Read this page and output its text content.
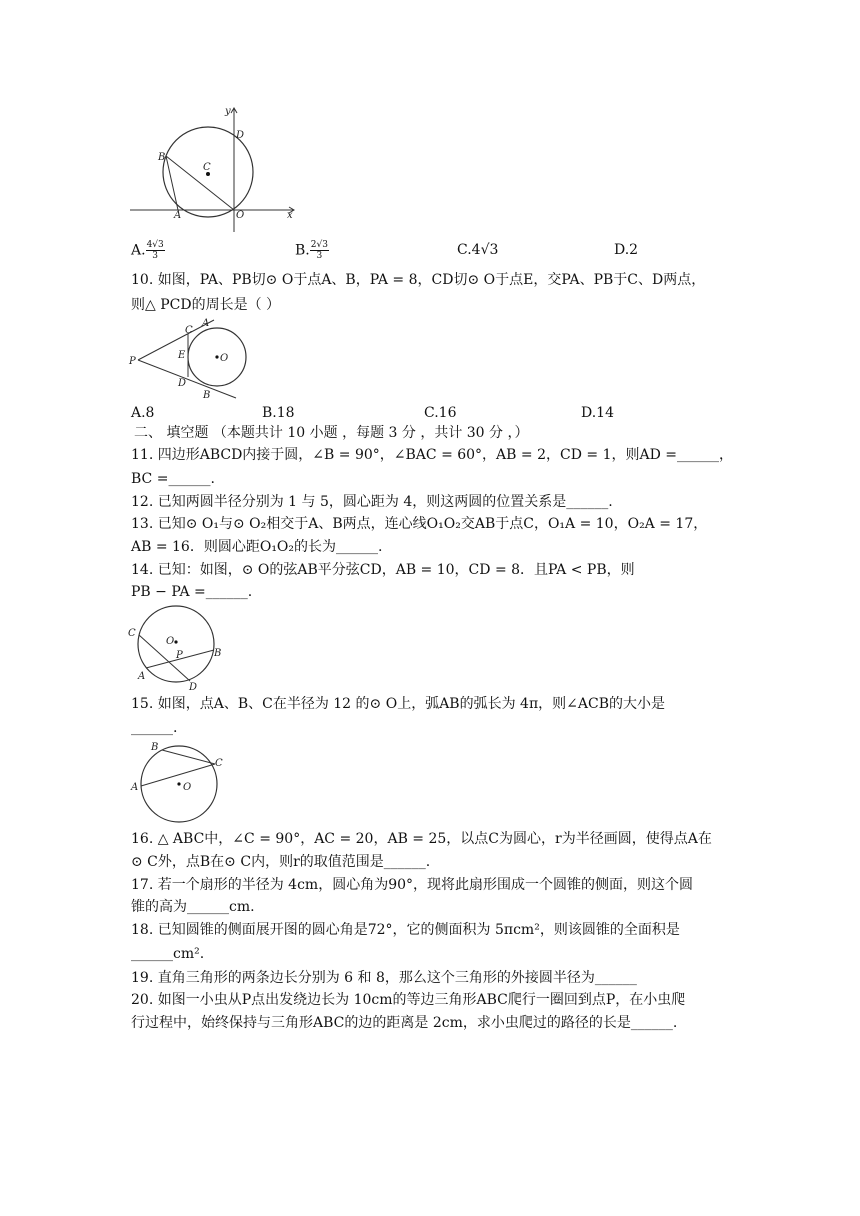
y
x
D
B
C
A	O
A. $\frac{4√3}{3}$	B. $\frac{2√3}{3}$	C.4√3	D.2
10. 如图，PA、PB切⊙ O于点A、B，PA = 8，CD切⊙ O于点E，交PA、PB于C、D两点，
则△ PCD的周长是（ ）
P
A
C
E	O
D
B
A.8	B.18	C.16	D.14
二、 填空题 （本题共计 10 小题 ，每题 3 分 ，共计 30 分 ，）
11. 四边形ABCD内接于圆，∠B = 90°，∠BAC = 60°，AB = 2，CD = 1，则AD =______，
BC =______.
12. 已知两圆半径分别为 1 与 5，圆心距为 4，则这两圆的位置关系是______.
13. 已知⊙ O₁与⊙ O₂相交于A、B两点，连心线O₁O₂交AB于点C，O₁A = 10，O₂A = 17，
AB = 16．则圆心距O₁O₂的长为______.
14. 已知：如图，⊙ O的弦AB平分弦CD，AB = 10，CD = 8．且PA < PB，则
PB − PA =______.
C
O
P	B
A
D
15. 如图，点A、B、C在半径为 12 的⊙ O上，弧AB的弧长为 4π，则∠ACB的大小是
______.
B
C
A	O
16. △ ABC中，∠C = 90°，AC = 20，AB = 25，以点C为圆心，r为半径画圆，使得点A在
⊙ C外，点B在⊙ C内，则r的取值范围是______.
17. 若一个扇形的半径为 4cm，圆心角为90°，现将此扇形围成一个圆锥的侧面，则这个圆
锥的高为______cm.
18. 已知圆锥的侧面展开图的圆心角是72°，它的侧面积为 5πcm²，则该圆锥的全面积是
______cm².
19. 直角三角形的两条边长分别为 6 和 8，那么这个三角形的外接圆半径为______
20. 如图一小虫从P点出发绕边长为 10cm的等边三角形ABC爬行一圈回到点P，在小虫爬
行过程中，始终保持与三角形ABC的边的距离是 2cm，求小虫爬过的路径的长是______.
